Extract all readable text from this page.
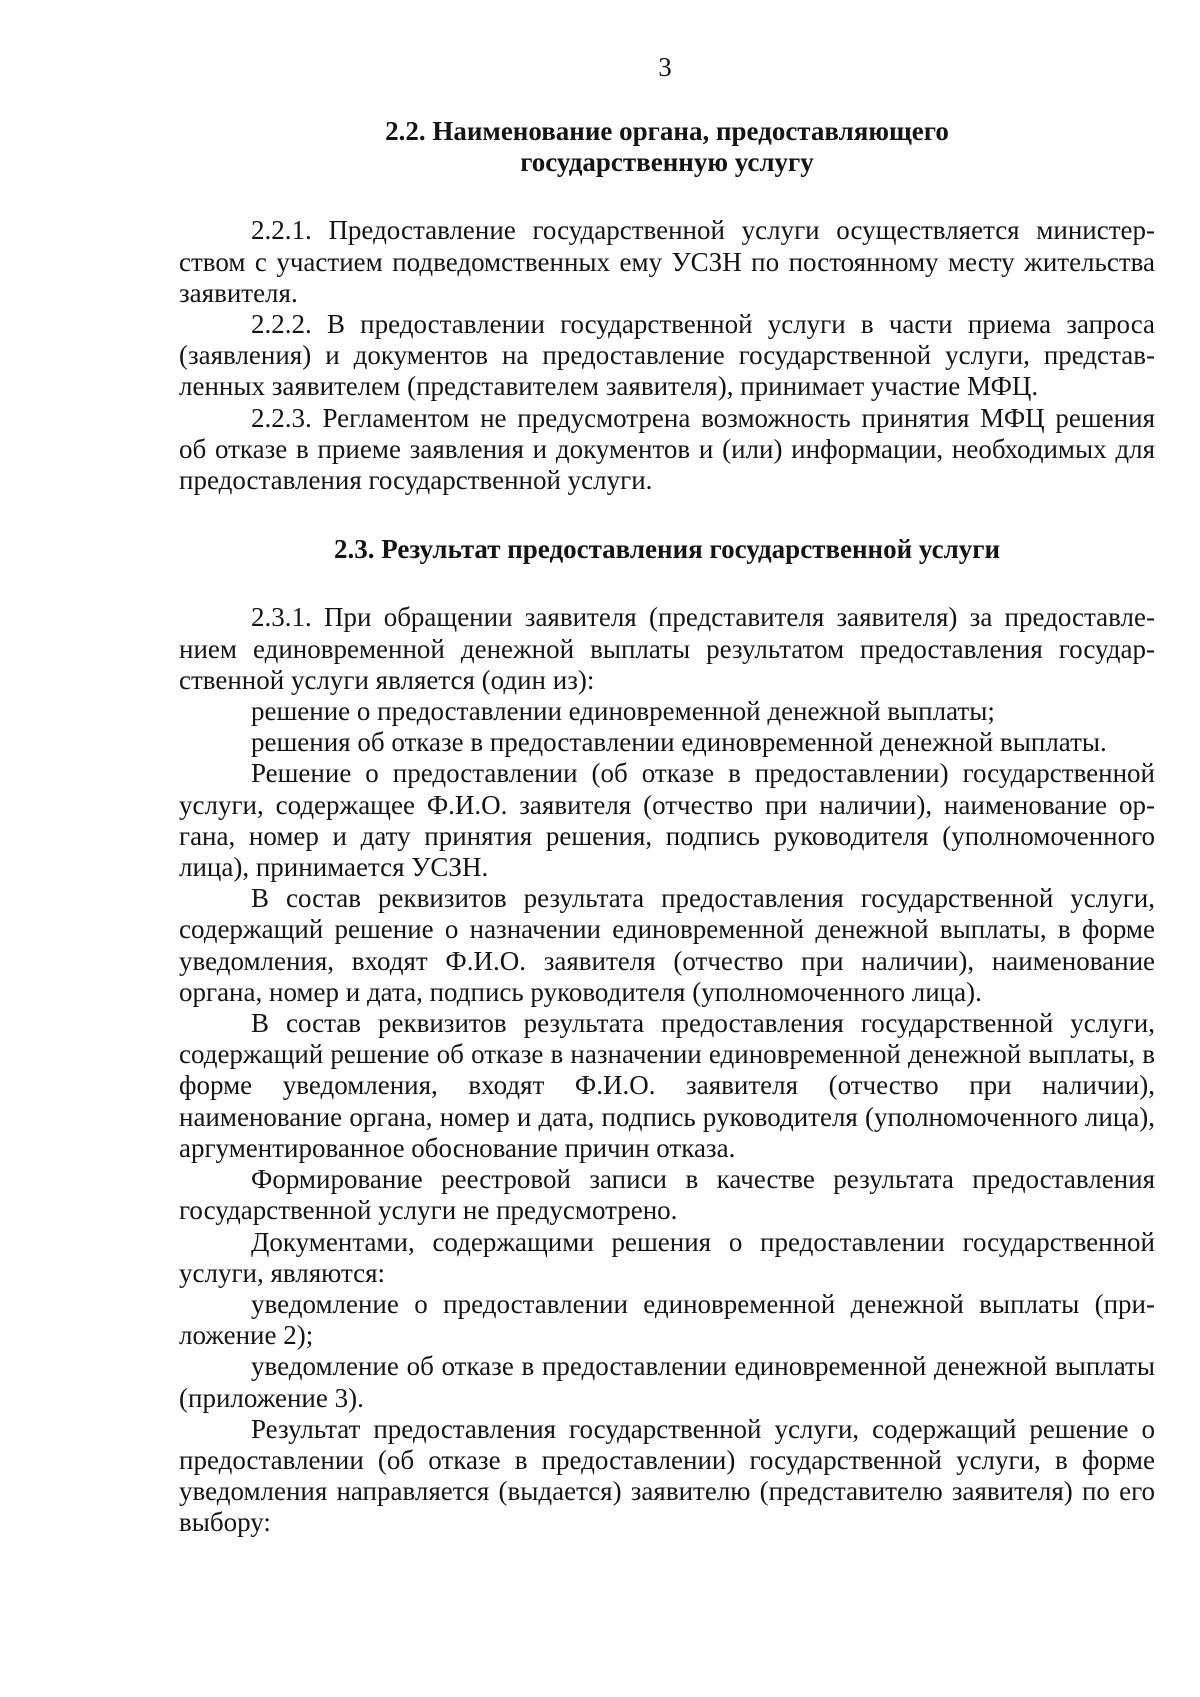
3
2.2. Наименование органа, предоставляющего
государственную услугу

2.2.1. Предоставление государственной услуги осуществляется министерством с участием подведомственных ему УСЗН по постоянному месту жительства заявителя.

2.2.2. В предоставлении государственной услуги в части приема запроса (заявления) и документов на предоставление государственной услуги, представленных заявителем (представителем заявителя), принимает участие МФЦ.

2.2.3. Регламентом не предусмотрена возможность принятия МФЦ решения об отказе в приеме заявления и документов и (или) информации, необходимых для предоставления государственной услуги.

2.3. Результат предоставления государственной услуги

2.3.1. При обращении заявителя (представителя заявителя) за предоставлением единовременной денежной выплаты результатом предоставления государственной услуги является (один из):

решение о предоставлении единовременной денежной выплаты;

решения об отказе в предоставлении единовременной денежной выплаты.

Решение о предоставлении (об отказе в предоставлении) государственной услуги, содержащее Ф.И.О. заявителя (отчество при наличии), наименование органа, номер и дату принятия решения, подпись руководителя (уполномоченного лица), принимается УСЗН.

В состав реквизитов результата предоставления государственной услуги, содержащий решение о назначении единовременной денежной выплаты, в форме уведомления, входят Ф.И.О. заявителя (отчество при наличии), наименование органа, номер и дата, подпись руководителя (уполномоченного лица).

В состав реквизитов результата предоставления государственной услуги, содержащий решение об отказе в назначении единовременной денежной выплаты, в форме уведомления, входят Ф.И.О. заявителя (отчество при наличии), наименование органа, номер и дата, подпись руководителя (уполномоченного лица), аргументированное обоснование причин отказа.

Формирование реестровой записи в качестве результата предоставления государственной услуги не предусмотрено.

Документами, содержащими решения о предоставлении государственной услуги, являются:

уведомление о предоставлении единовременной денежной выплаты (приложение 2);

уведомление об отказе в предоставлении единовременной денежной выплаты (приложение 3).

Результат предоставления государственной услуги, содержащий решение о предоставлении (об отказе в предоставлении) государственной услуги, в форме уведомления направляется (выдается) заявителю (представителю заявителя) по его выбору:
